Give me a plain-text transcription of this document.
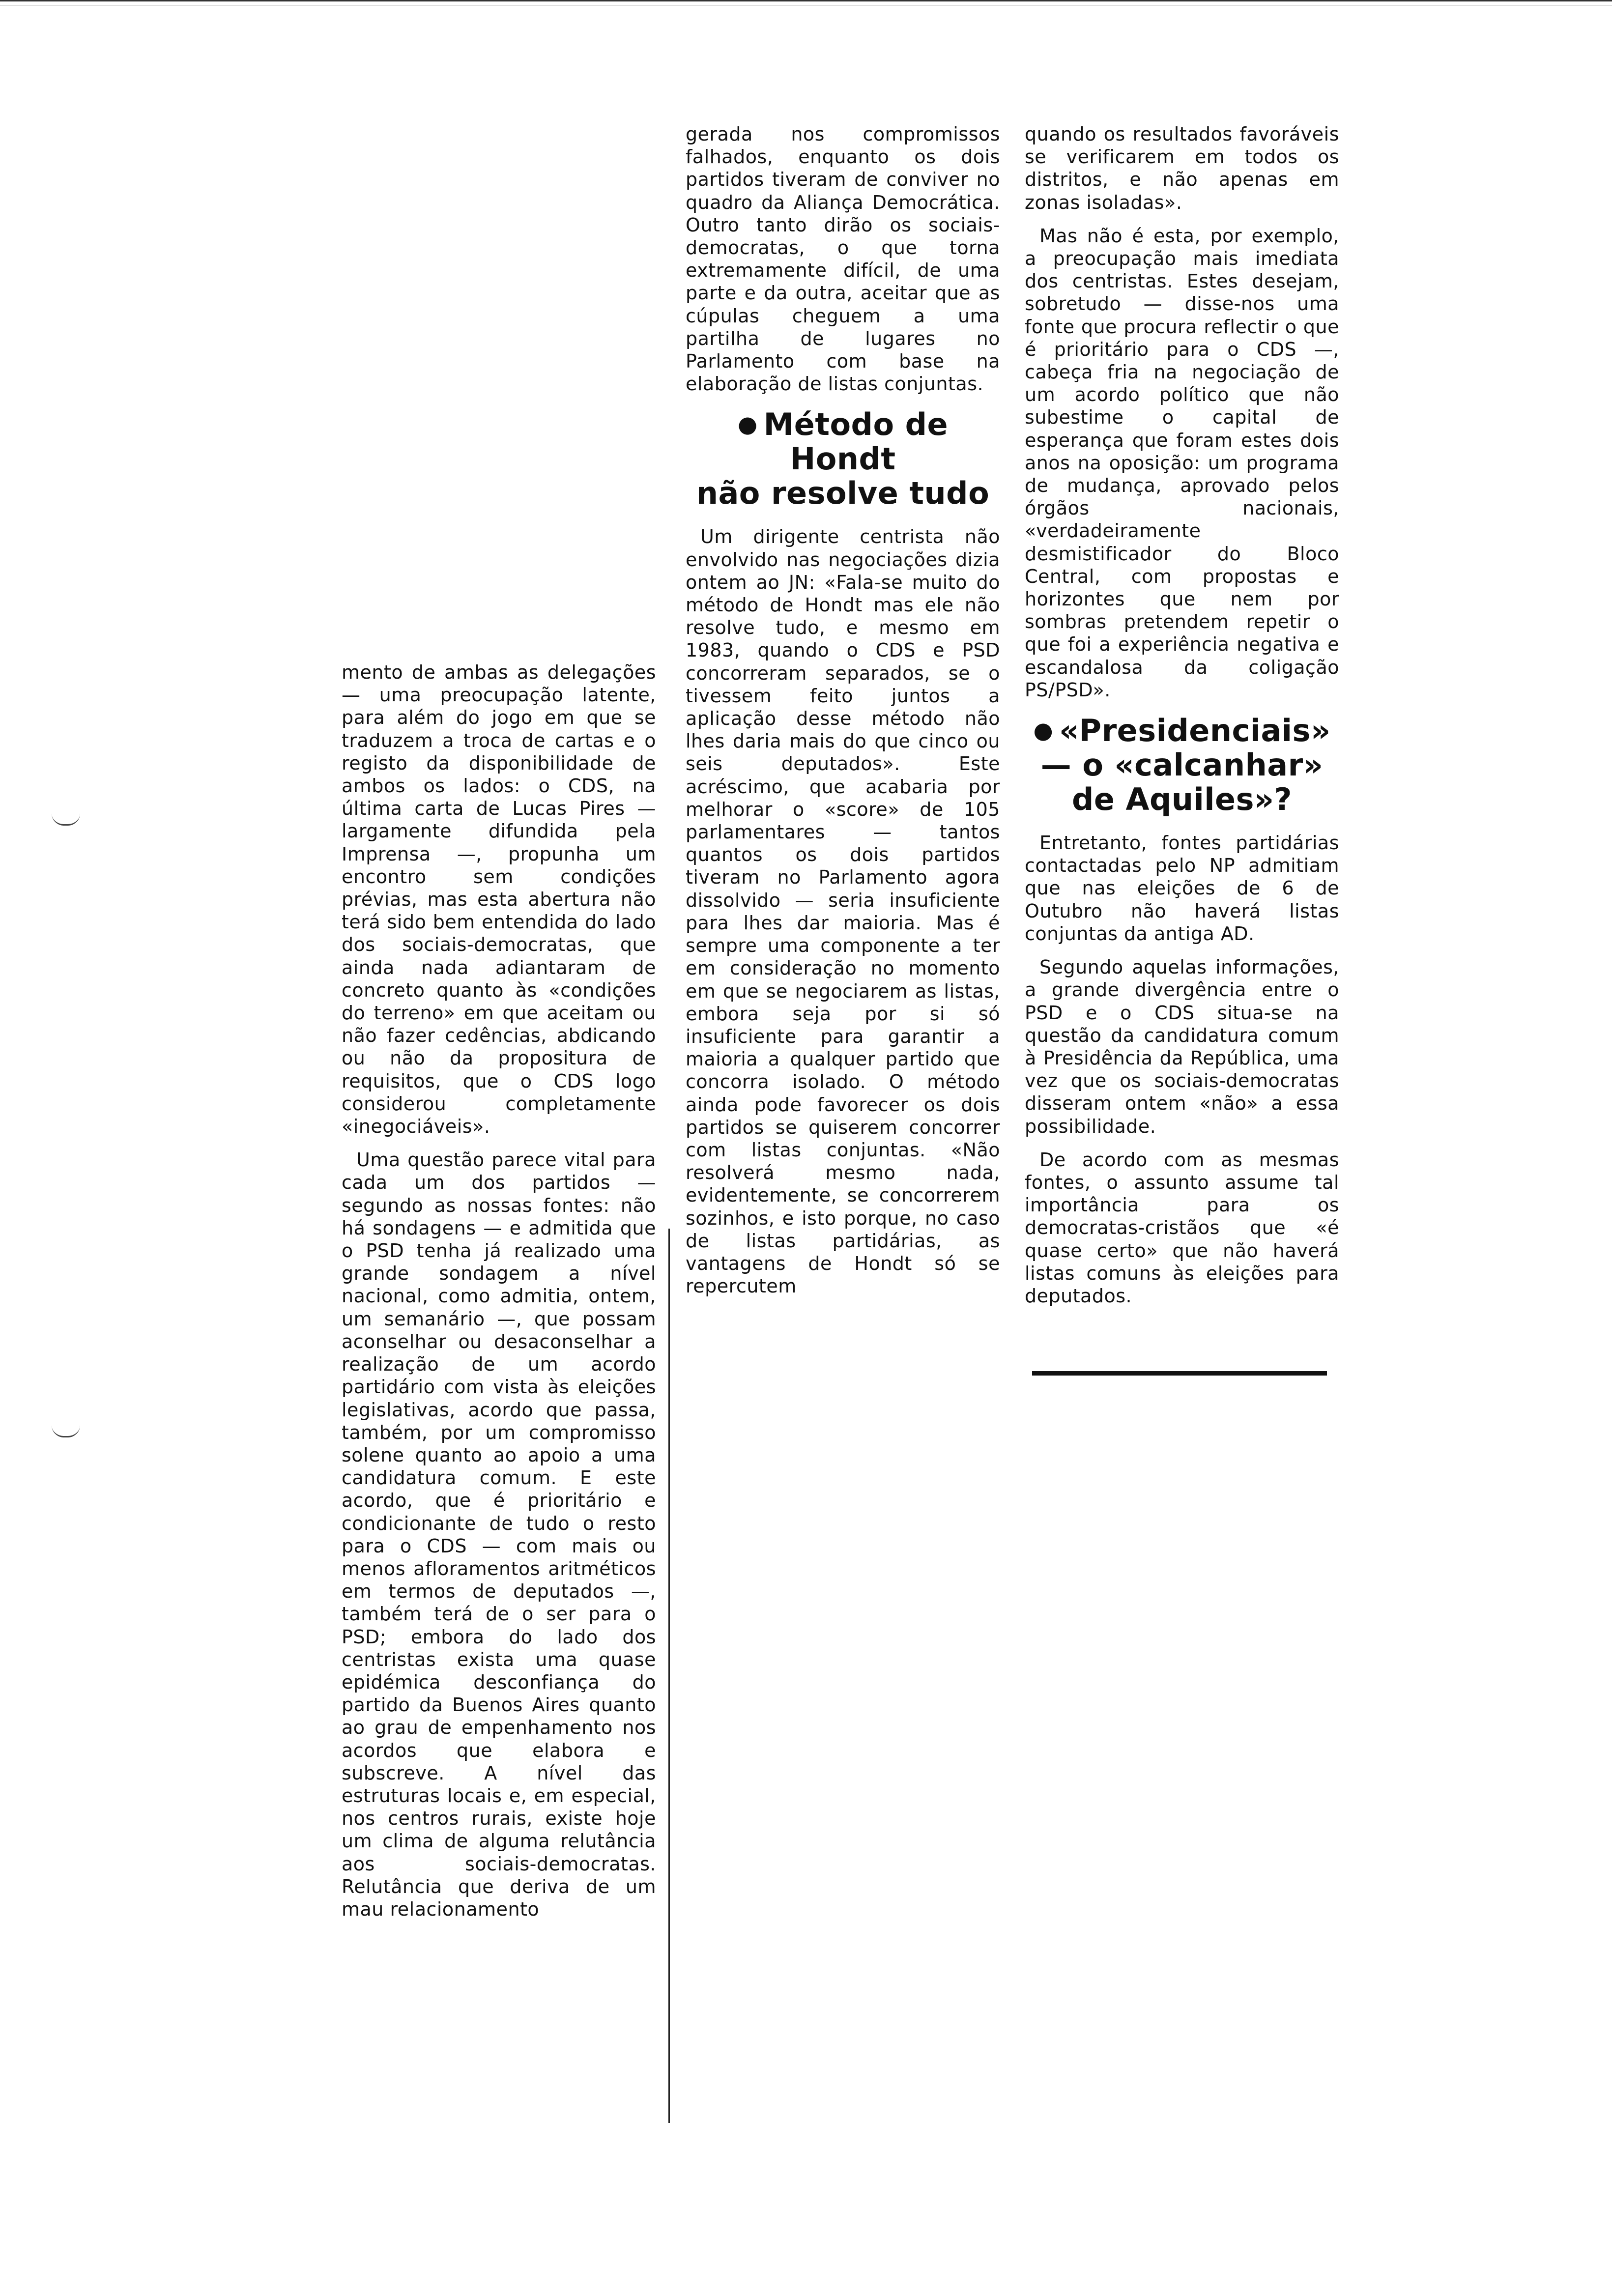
mento de ambas as delegações — uma preocupação latente, para além do jogo em que se traduzem a troca de cartas e o registo da disponibilidade de ambos os lados: o CDS, na última carta de Lucas Pires — largamente difundida pela Imprensa —, propunha um encontro sem condições prévias, mas esta abertura não terá sido bem entendida do lado dos sociais-democratas, que ainda nada adiantaram de concreto quanto às «condições do terreno» em que aceitam ou não fazer cedências, abdicando ou não da propositura de requisitos, que o CDS logo considerou completamente «inegociáveis».

Uma questão parece vital para cada um dos partidos — segundo as nossas fontes: não há sondagens — e admitida que o PSD tenha já realizado uma grande sondagem a nível nacional, como admitia, ontem, um semanário —, que possam aconselhar ou desaconselhar a realização de um acordo partidário com vista às eleições legislativas, acordo que passa, também, por um compromisso solene quanto ao apoio a uma candidatura comum. E este acordo, que é prioritário e condicionante de tudo o resto para o CDS — com mais ou menos afloramentos aritméticos em termos de deputados —, também terá de o ser para o PSD; embora do lado dos centristas exista uma quase epidémica desconfiança do partido da Buenos Aires quanto ao grau de empenhamento nos acordos que elabora e subscreve. A nível das estruturas locais e, em especial, nos centros rurais, existe hoje um clima de alguma relutância aos sociais-democratas. Relutância que deriva de um mau relacionamento

gerada nos compromissos falhados, enquanto os dois partidos tiveram de conviver no quadro da Aliança Democrática. Outro tanto dirão os sociais-democratas, o que torna extremamente difícil, de uma parte e da outra, aceitar que as cúpulas cheguem a uma partilha de lugares no Parlamento com base na elaboração de listas conjuntas.

● Método de Hondt
não resolve tudo

Um dirigente centrista não envolvido nas negociações dizia ontem ao JN: «Fala-se muito do método de Hondt mas ele não resolve tudo, e mesmo em 1983, quando o CDS e PSD concorreram separados, se o tivessem feito juntos a aplicação desse método não lhes daria mais do que cinco ou seis deputados». Este acréscimo, que acabaria por melhorar o «score» de 105 parlamentares — tantos quantos os dois partidos tiveram no Parlamento agora dissolvido — seria insuficiente para lhes dar maioria. Mas é sempre uma componente a ter em consideração no momento em que se negociarem as listas, embora seja por si só insuficiente para garantir a maioria a qualquer partido que concorra isolado. O método ainda pode favorecer os dois partidos se quiserem concorrer com listas conjuntas. «Não resolverá mesmo nada, evidentemente, se concorrerem sozinhos, e isto porque, no caso de listas partidárias, as vantagens de Hondt só se repercutem

quando os resultados favoráveis se verificarem em todos os distritos, e não apenas em zonas isoladas».

Mas não é esta, por exemplo, a preocupação mais imediata dos centristas. Estes desejam, sobretudo — disse-nos uma fonte que procura reflectir o que é prioritário para o CDS —, cabeça fria na negociação de um acordo político que não subestime o capital de esperança que foram estes dois anos na oposição: um programa de mudança, aprovado pelos órgãos nacionais, «verdadeiramente desmistificador do Bloco Central, com propostas e horizontes que nem por sombras pretendem repetir o que foi a experiência negativa e escandalosa da coligação PS/PSD».

● «Presidenciais»
— o «calcanhar»
de Aquiles»?

Entretanto, fontes partidárias contactadas pelo NP admitiam que nas eleições de 6 de Outubro não haverá listas conjuntas da antiga AD.

Segundo aquelas informações, a grande divergência entre o PSD e o CDS situa-se na questão da candidatura comum à Presidência da República, uma vez que os sociais-democratas disseram ontem «não» a essa possibilidade.

De acordo com as mesmas fontes, o assunto assume tal importância para os democratas-cristãos que «é quase certo» que não haverá listas comuns às eleições para deputados.
